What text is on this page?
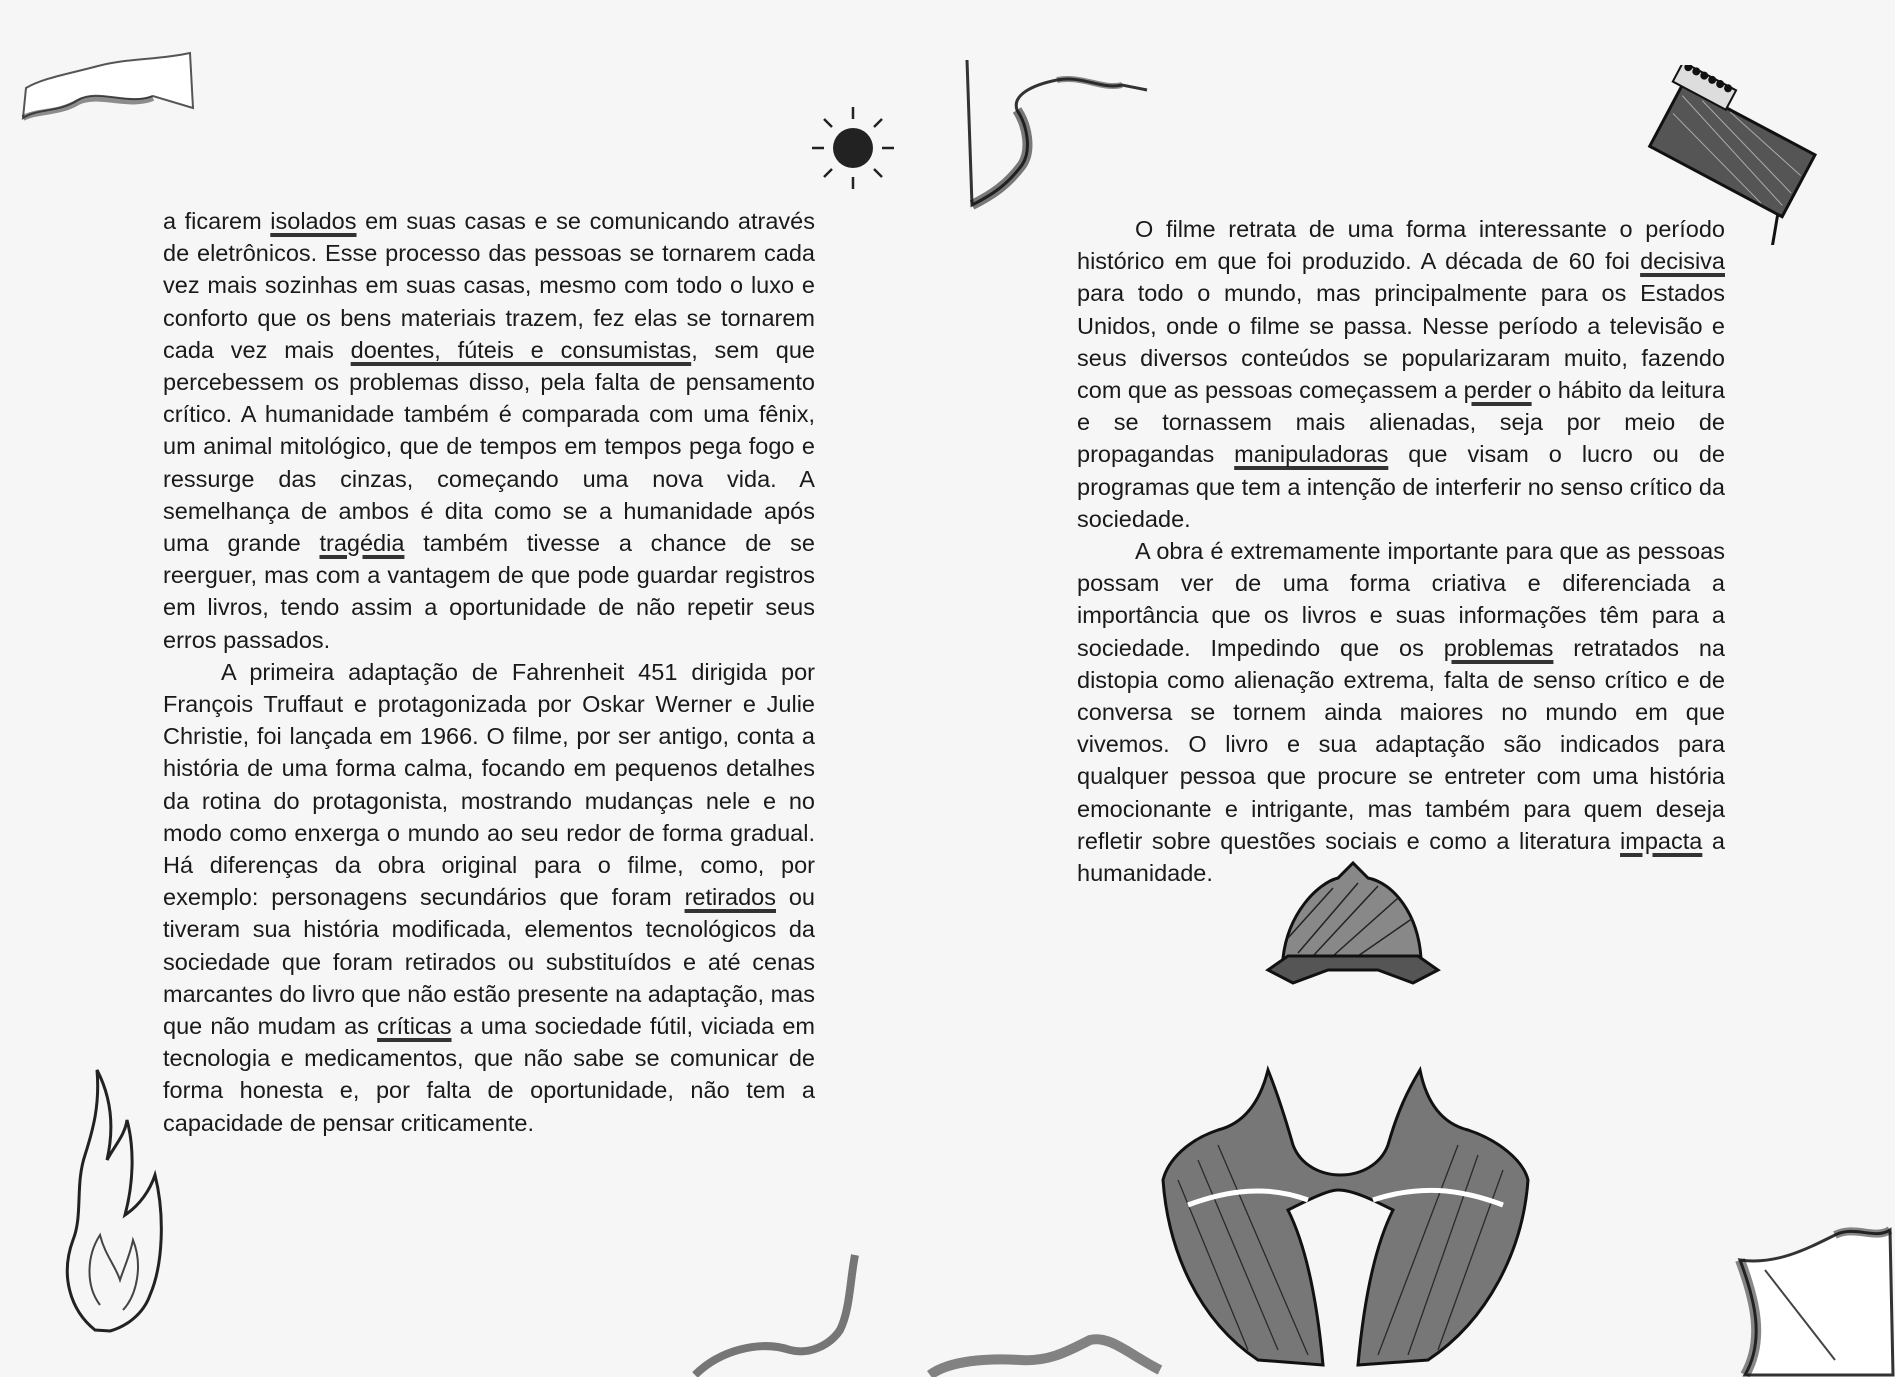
a ficarem isolados em suas casas e se comunicando através de eletrônicos. Esse processo das pessoas se tornarem cada vez mais sozinhas em suas casas, mesmo com todo o luxo e conforto que os bens materiais trazem, fez elas se tornarem cada vez mais doentes, fúteis e consumistas, sem que percebessem os problemas disso, pela falta de pensamento crítico. A humanidade também é comparada com uma fênix, um animal mitológico, que de tempos em tempos pega fogo e ressurge das cinzas, começando uma nova vida. A semelhança de ambos é dita como se a humanidade após uma grande tragédia também tivesse a chance de se reerguer, mas com a vantagem de que pode guardar registros em livros, tendo assim a oportunidade de não repetir seus erros passados.

A primeira adaptação de Fahrenheit 451 dirigida por François Truffaut e protagonizada por Oskar Werner e Julie Christie, foi lançada em 1966. O filme, por ser antigo, conta a história de uma forma calma, focando em pequenos detalhes da rotina do protagonista, mostrando mudanças nele e no modo como enxerga o mundo ao seu redor de forma gradual. Há diferenças da obra original para o filme, como, por exemplo: personagens secundários que foram retirados ou tiveram sua história modificada, elementos tecnológicos da sociedade que foram retirados ou substituídos e até cenas marcantes do livro que não estão presente na adaptação, mas que não mudam as críticas a uma sociedade fútil, viciada em tecnologia e medicamentos, que não sabe se comunicar de forma honesta e, por falta de oportunidade, não tem a capacidade de pensar criticamente.

O filme retrata de uma forma interessante o período histórico em que foi produzido. A década de 60 foi decisiva para todo o mundo, mas principalmente para os Estados Unidos, onde o filme se passa. Nesse período a televisão e seus diversos conteúdos se popularizaram muito, fazendo com que as pessoas começassem a perder o hábito da leitura e se tornassem mais alienadas, seja por meio de propagandas manipuladoras que visam o lucro ou de programas que tem a intenção de interferir no senso crítico da sociedade.

A obra é extremamente importante para que as pessoas possam ver de uma forma criativa e diferenciada a importância que os livros e suas informações têm para a sociedade. Impedindo que os problemas retratados na distopia como alienação extrema, falta de senso crítico e de conversa se tornem ainda maiores no mundo em que vivemos. O livro e sua adaptação são indicados para qualquer pessoa que procure se entreter com uma história emocionante e intrigante, mas também para quem deseja refletir sobre questões sociais e como a literatura impacta a humanidade.
